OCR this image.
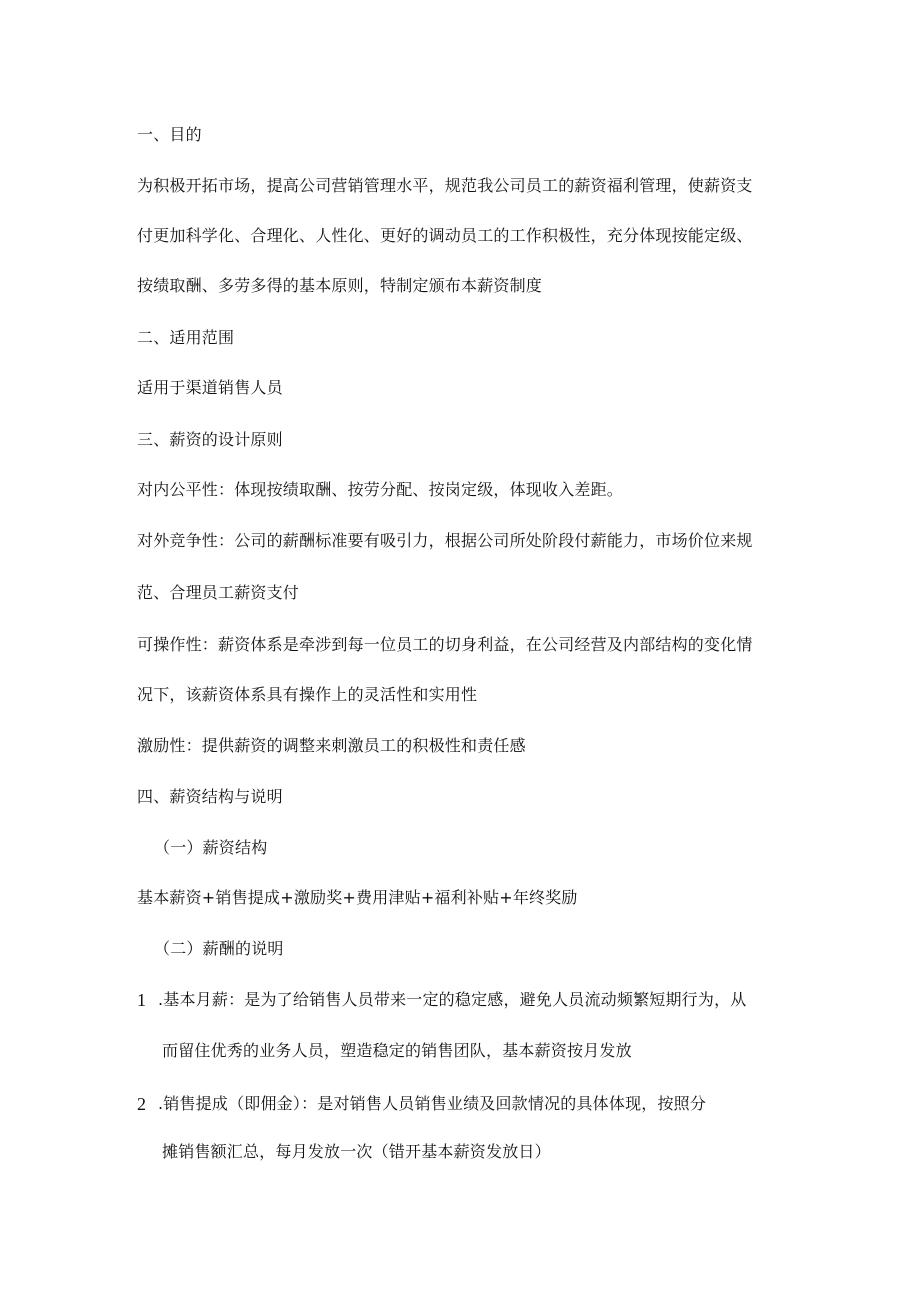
一、目的
为积极开拓市场，提高公司营销管理水平，规范我公司员工的薪资福利管理，使薪资支
付更加科学化、合理化、人性化、更好的调动员工的工作积极性，充分体现按能定级、
按绩取酬、多劳多得的基本原则，特制定颁布本薪资制度
二、适用范围
适用于渠道销售人员
三、薪资的设计原则
对内公平性：体现按绩取酬、按劳分配、按岗定级，体现收入差距。
对外竞争性：公司的薪酬标准要有吸引力，根据公司所处阶段付薪能力，市场价位来规
范、合理员工薪资支付
可操作性：薪资体系是牵涉到每一位员工的切身利益，在公司经营及内部结构的变化情
况下，该薪资体系具有操作上的灵活性和实用性
激励性：提供薪资的调整来刺激员工的积极性和责任感
四、薪资结构与说明
（一）薪资结构
基本薪资+销售提成+激励奖+费用津贴+福利补贴+年终奖励
（二）薪酬的说明
1 .基本月薪：是为了给销售人员带来一定的稳定感，避免人员流动频繁短期行为，从
而留住优秀的业务人员，塑造稳定的销售团队，基本薪资按月发放
2 .销售提成（即佣金）：是对销售人员销售业绩及回款情况的具体体现，按照分
摊销售额汇总，每月发放一次（错开基本薪资发放日）
